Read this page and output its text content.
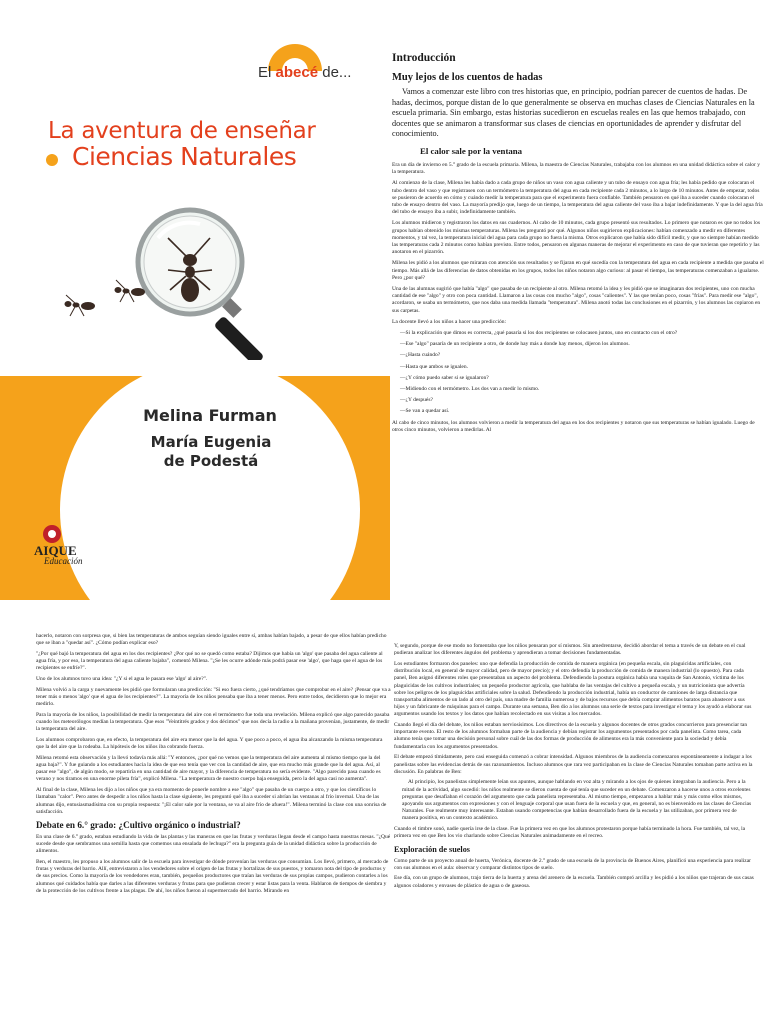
El abecé de...
La aventura de enseñar
Ciencias Naturales
Melina Furman
María Eugenia
de Podestá
AIQUE
Educación
Introducción
Muy lejos de los cuentos de hadas

Vamos a comenzar este libro con tres historias que, en principio, podrían parecer de cuentos de hadas. De hadas, decimos, porque distan de lo que generalmente se observa en muchas clases de Ciencias Naturales en la escuela primaria. Sin embargo, estas historias sucedieron en escuelas reales en las que hemos trabajado, con docentes que se animaron a transformar sus clases de ciencias en oportunidades de aprender y disfrutar del conocimiento.

El calor sale por la ventana

Era un día de invierno en 5.° grado de la escuela primaria. Milena, la maestra de Ciencias Naturales, trabajaba con los alumnos en una unidad didáctica sobre el calor y la temperatura.

Al comienzo de la clase, Milena les había dado a cada grupo de niños un vaso con agua caliente y un tubo de ensayo con agua fría; les había pedido que colocaran el tubo dentro del vaso y que registrasen con un termómetro la temperatura del agua en cada recipiente cada 2 minutos, a lo largo de 10 minutos. Antes de empezar, todos se pusieron de acuerdo en cómo y cuándo medir la temperatura para que el experimento fuera confiable. También pensaron en qué iba a suceder cuando colocaran el tubo de ensayo dentro del vaso. La mayoría predijo que, luego de un tiempo, la temperatura del agua caliente del vaso iba a bajar indefinidamente. Y que la del agua fría del tubo de ensayo iba a subir, indefinidamente también.

Los alumnos midieron y registraron los datos en sus cuadernos. Al cabo de 10 minutos, cada grupo presentó sus resultados. Lo primero que notaron es que no todos los grupos habían obtenido los mismas temperaturas. Milena les preguntó por qué. Algunos niños sugirieron explicaciones: habían comenzado a medir en diferentes momentos, y tal vez, la temperatura inicial del agua para cada grupo no fuera la misma. Otros explicaron que había sido difícil medir, y que no siempre habían medido las temperaturas cada 2 minutos como habían previsto. Entre todos, pensaron en algunas maneras de mejorar el experimento en caso de que tuvieran que repetirlo y las anotaron en el pizarrón.

Milena les pidió a los alumnos que miraran con atención sus resultados y se fijaran en qué sucedía con la temperatura del agua en cada recipiente a medida que pasaba el tiempo. Más allá de las diferencias de datos obtenidas en los grupos, todos los niños notaron algo curioso: al pasar el tiempo, las temperaturas comenzaban a igualarse. Pero ¿por qué?

Una de las alumnas sugirió que había "algo" que pasaba de un recipiente al otro. Milena retomó la idea y les pidió que se imaginaran dos recipientes, uno con mucha cantidad de ese "algo" y otro con poca cantidad. Llamaron a las cosas con mucho "algo", cosas "calientes". Y las que tenían poco, cosas "frías". Para medir ese "algo", acordaron, se usaba un termómetro, que nos daba una medida llamada "temperatura". Milena anotó todas las conclusiones en el pizarrón, y los alumnos las copiaron en sus carpetas.

La docente llevó a los niños a hacer una predicción:

—Si la explicación que dimos es correcta, ¿qué pasaría si los dos recipientes se colocasen juntos, uno en contacto con el otro?

—Ese "algo" pasaría de un recipiente a otro, de donde hay más a donde hay menos, dijeron los alumnos.

—¿Hasta cuándo?

—Hasta que ambos se igualen.

—¿Y cómo puedo saber si se igualaron?

—Midiendo con el termómetro. Los dos van a medir lo mismo.

—¿Y después?

—Se van a quedar así.

Al cabo de cinco minutos, los alumnos volvieron a medir la temperatura del agua en los dos recipientes y notaron que sus temperaturas se habían igualado. Luego de otros cinco minutos, volvieron a medirlas. Al

hacerlo, notaron con sorpresa que, si bien las temperaturas de ambos seguían siendo iguales entre sí, ambas habían bajado, a pesar de que ellos habían predicho que se iban a "quedar así". ¿Cómo podían explicar eso?

"¿Por qué bajó la temperatura del agua en los dos recipientes? ¿Por qué no se quedó como estaba? Dijimos que había un 'algo' que pasaba del agua caliente al agua fría, y por eso, la temperatura del agua caliente bajaba", comentó Milena. "¿Se les ocurre adónde más podrá pasar ese 'algo', que haga que el agua de los recipientes se enfríe?".

Uno de los alumnos tuvo una idea: "¿Y si el agua le pasara ese 'algo' al aire?".

Milena volvió a la carga y nuevamente les pidió que formularan una predicción: "Si eso fuera cierto, ¿qué tendríamos que comprobar en el aire? ¡Pensar que va a tener más o menos 'algo' que el agua de los recipientes?". La mayoría de los niños pensaba que iba a tener menos. Pero entre todos, decidieron que lo mejor era medirlo.

Para la mayoría de los niños, la posibilidad de medir la temperatura del aire con el termómetro fue toda una revelación. Milena explicó que algo parecido pasaba cuando los meteorólogos medían la temperatura. Que esos "Veintitrés grados y dos décimos" que nos decía la radio a la mañana provenían, justamente, de medir la temperatura del aire.

Los alumnos comprobaron que, en efecto, la temperatura del aire era menor que la del agua. Y que poco a poco, el agua iba alcanzando la misma temperatura que la del aire que la rodeaba. La hipótesis de los niños iba cobrando fuerza.

Milena retomó esta observación y la llevó todavía más allá: "Y entonces, ¿por qué no vemos que la temperatura del aire aumenta al mismo tiempo que la del agua baja?". Y fue guiando a los estudiantes hacia la idea de que eso tenía que ver con la cantidad de aire, que era mucho más grande que la del agua. Así, al pasar ese "algo", de algún modo, se repartiría en una cantidad de aire mayor, y la diferencia de temperatura no sería evidente. "Algo parecido pasa cuando es verano y nos tiramos en una enorme pileta fría", explicó Milena. "La temperatura de nuestro cuerpo baja enseguida, pero la del agua casi no aumenta".

Al final de la clase, Milena les dijo a los niños que ya era momento de ponerle nombre a ese "algo" que pasaba de un cuerpo a otro, y que los científicos lo llamaban "calor". Pero antes de despedir a los niños hasta la clase siguiente, les preguntó qué iba a suceder si abrían las ventanas al frío invernal. Una de las alumnas dijo, entusiasmadísima con su propia respuesta: "¡El calor sale por la ventana, se va al aire frío de afuera!". Milena terminó la clase con una sonrisa de satisfacción.

Debate en 6.° grado: ¿Cultivo orgánico o industrial?

En una clase de 6.° grado, estaban estudiando la vida de las plantas y las maneras en que las frutas y verduras llegan desde el campo hasta nuestras mesas. "¿Qué sucede desde que sembramos una semilla hasta que comemos una ensalada de lechuga?" era la pregunta guía de la unidad didáctica sobre la producción de alimentos.

Ben, el maestro, les propuso a los alumnos salir de la escuela para investigar de dónde provenían las verduras que consumían. Los llevó, primero, al mercado de frutas y verduras del barrio. Allí, entrevistaron a los vendedores sobre el origen de las frutas y hortalizas de sus puestos, y tomaron nota del tipo de productos y de sus precios. Como la mayoría de los vendedores eran, también, pequeños productores que traían las verduras de sus propias campos, pudieron contarles a los alumnos qué cuidados había que darles a las diferentes verduras y frutas para que pudieran crecer y estar listas para la venta. Hablaron de tiempos de siembra y de la protección de los cultivos frente a las plagas. De ahí, los niños fueron al supermercado del barrio. Mirando en

Y, segundo, porque de ese modo no fomentaba que los niños pensaran por sí mismos. Sin amedrentarse, decidió abordar el tema a través de un debate en el cual pudieran analizar los diferentes ángulos del problema y aprendieran a tomar decisiones fundamentadas.

Los estudiantes formaron dos paneles: uno que defendía la producción de comida de manera orgánica (en pequeña escala, sin plaguicidas artificiales, con distribución local, en general de mayor calidad, pero de mayor precio); y el otro defendía la producción de comida de manera industrial (lo opuesto). Para cada panel, Ben asignó diferentes roles que presentaban un aspecto del problema. Defendiendo la postura orgánica había una vaquita de San Antonio, víctima de los plaguicidas de los cultivos industriales; un pequeño productor agrícola, que hablaba de las ventajas del cultivo a pequeña escala, y un nutricionista que advertía sobre los peligros de los plaguicidas artificiales sobre la salud. Defendiendo la producción industrial, había un conductor de camiones de larga distancia que transportaba alimentos de un lado al otro del país, una madre de familia numerosa y de bajos recursos que debía comprar alimentos baratos para abastecer a sus hijos y un fabricante de máquinas para el campo. Durante una semana, Ben dio a los alumnos una serie de textos para investigar el tema y los ayudó a elaborar sus argumentos usando los textos y los datos que habían recolectado en sus visitas a los mercados.

Cuando llegó el día del debate, los niños estaban nerviosísimos. Los directivos de la escuela y algunos docentes de otros grados concurrieron para presenciar tan importante evento. El resto de los alumnos formaban parte de la audiencia y debían registrar los argumentos presentados por cada panelista. Como tarea, cada alumno tenía que tomar una decisión personal sobre cuál de las dos formas de producción de alimentos era la más conveniente para la sociedad y debía fundamentarla con los argumentos presentados.

El debate empezó tímidamente, pero casi enseguida comenzó a cobrar intensidad. Algunos miembros de la audiencia comenzaron espontáneamente a indagar a los panelistas sobre las evidencias detrás de sus razonamientos. Incluso alumnos que rara vez participaban en la clase de Ciencias Naturales tomaban parte activa en la discusión. En palabras de Ben:

Al principio, los panelistas simplemente leían sus apuntes, aunque hablando en voz alta y mirando a los ojos de quienes integraban la audiencia. Pero a la mitad de la actividad, algo sucedió: los niños realmente se dieron cuenta de qué tenía que suceder en un debate. Comenzaron a hacerse unos a otros excelentes preguntas que desafiaban el corazón del argumento que cada panelista representaba. Al mismo tiempo, empezaron a hablar más y más como ellos mismos, apoyando sus argumentos con expresiones y con el lenguaje corporal que usan fuera de la escuela y que, en general, no es bienvenido en las clases de Ciencias Naturales. Fue realmente muy interesante. Estaban usando competencias que habían desarrollado fuera de la escuela y las utilizaban, por primera vez de manera positiva, en un contexto académico.

Cuando el timbre sonó, nadie quería irse de la clase. Fue la primera vez en que los alumnos protestaron porque había terminado la hora. Fue también, tal vez, la primera vez en que Ben los vio charlando sobre Ciencias Naturales animadamente en el recreo.

Exploración de suelos

Como parte de un proyecto anual de huerta, Verónica, docente de 2.° grado de una escuela de la provincia de Buenos Aires, planificó una experiencia para realizar con sus alumnos en el aula: observar y comparar distintos tipos de suelo.

Ese día, con un grupo de alumnos, trajo tierra de la huerta y arena del arenero de la escuela. También compró arcilla y les pidió a los niños que trajeran de sus casas algunos coladores y envases de plástico de agua o de gaseosa.
